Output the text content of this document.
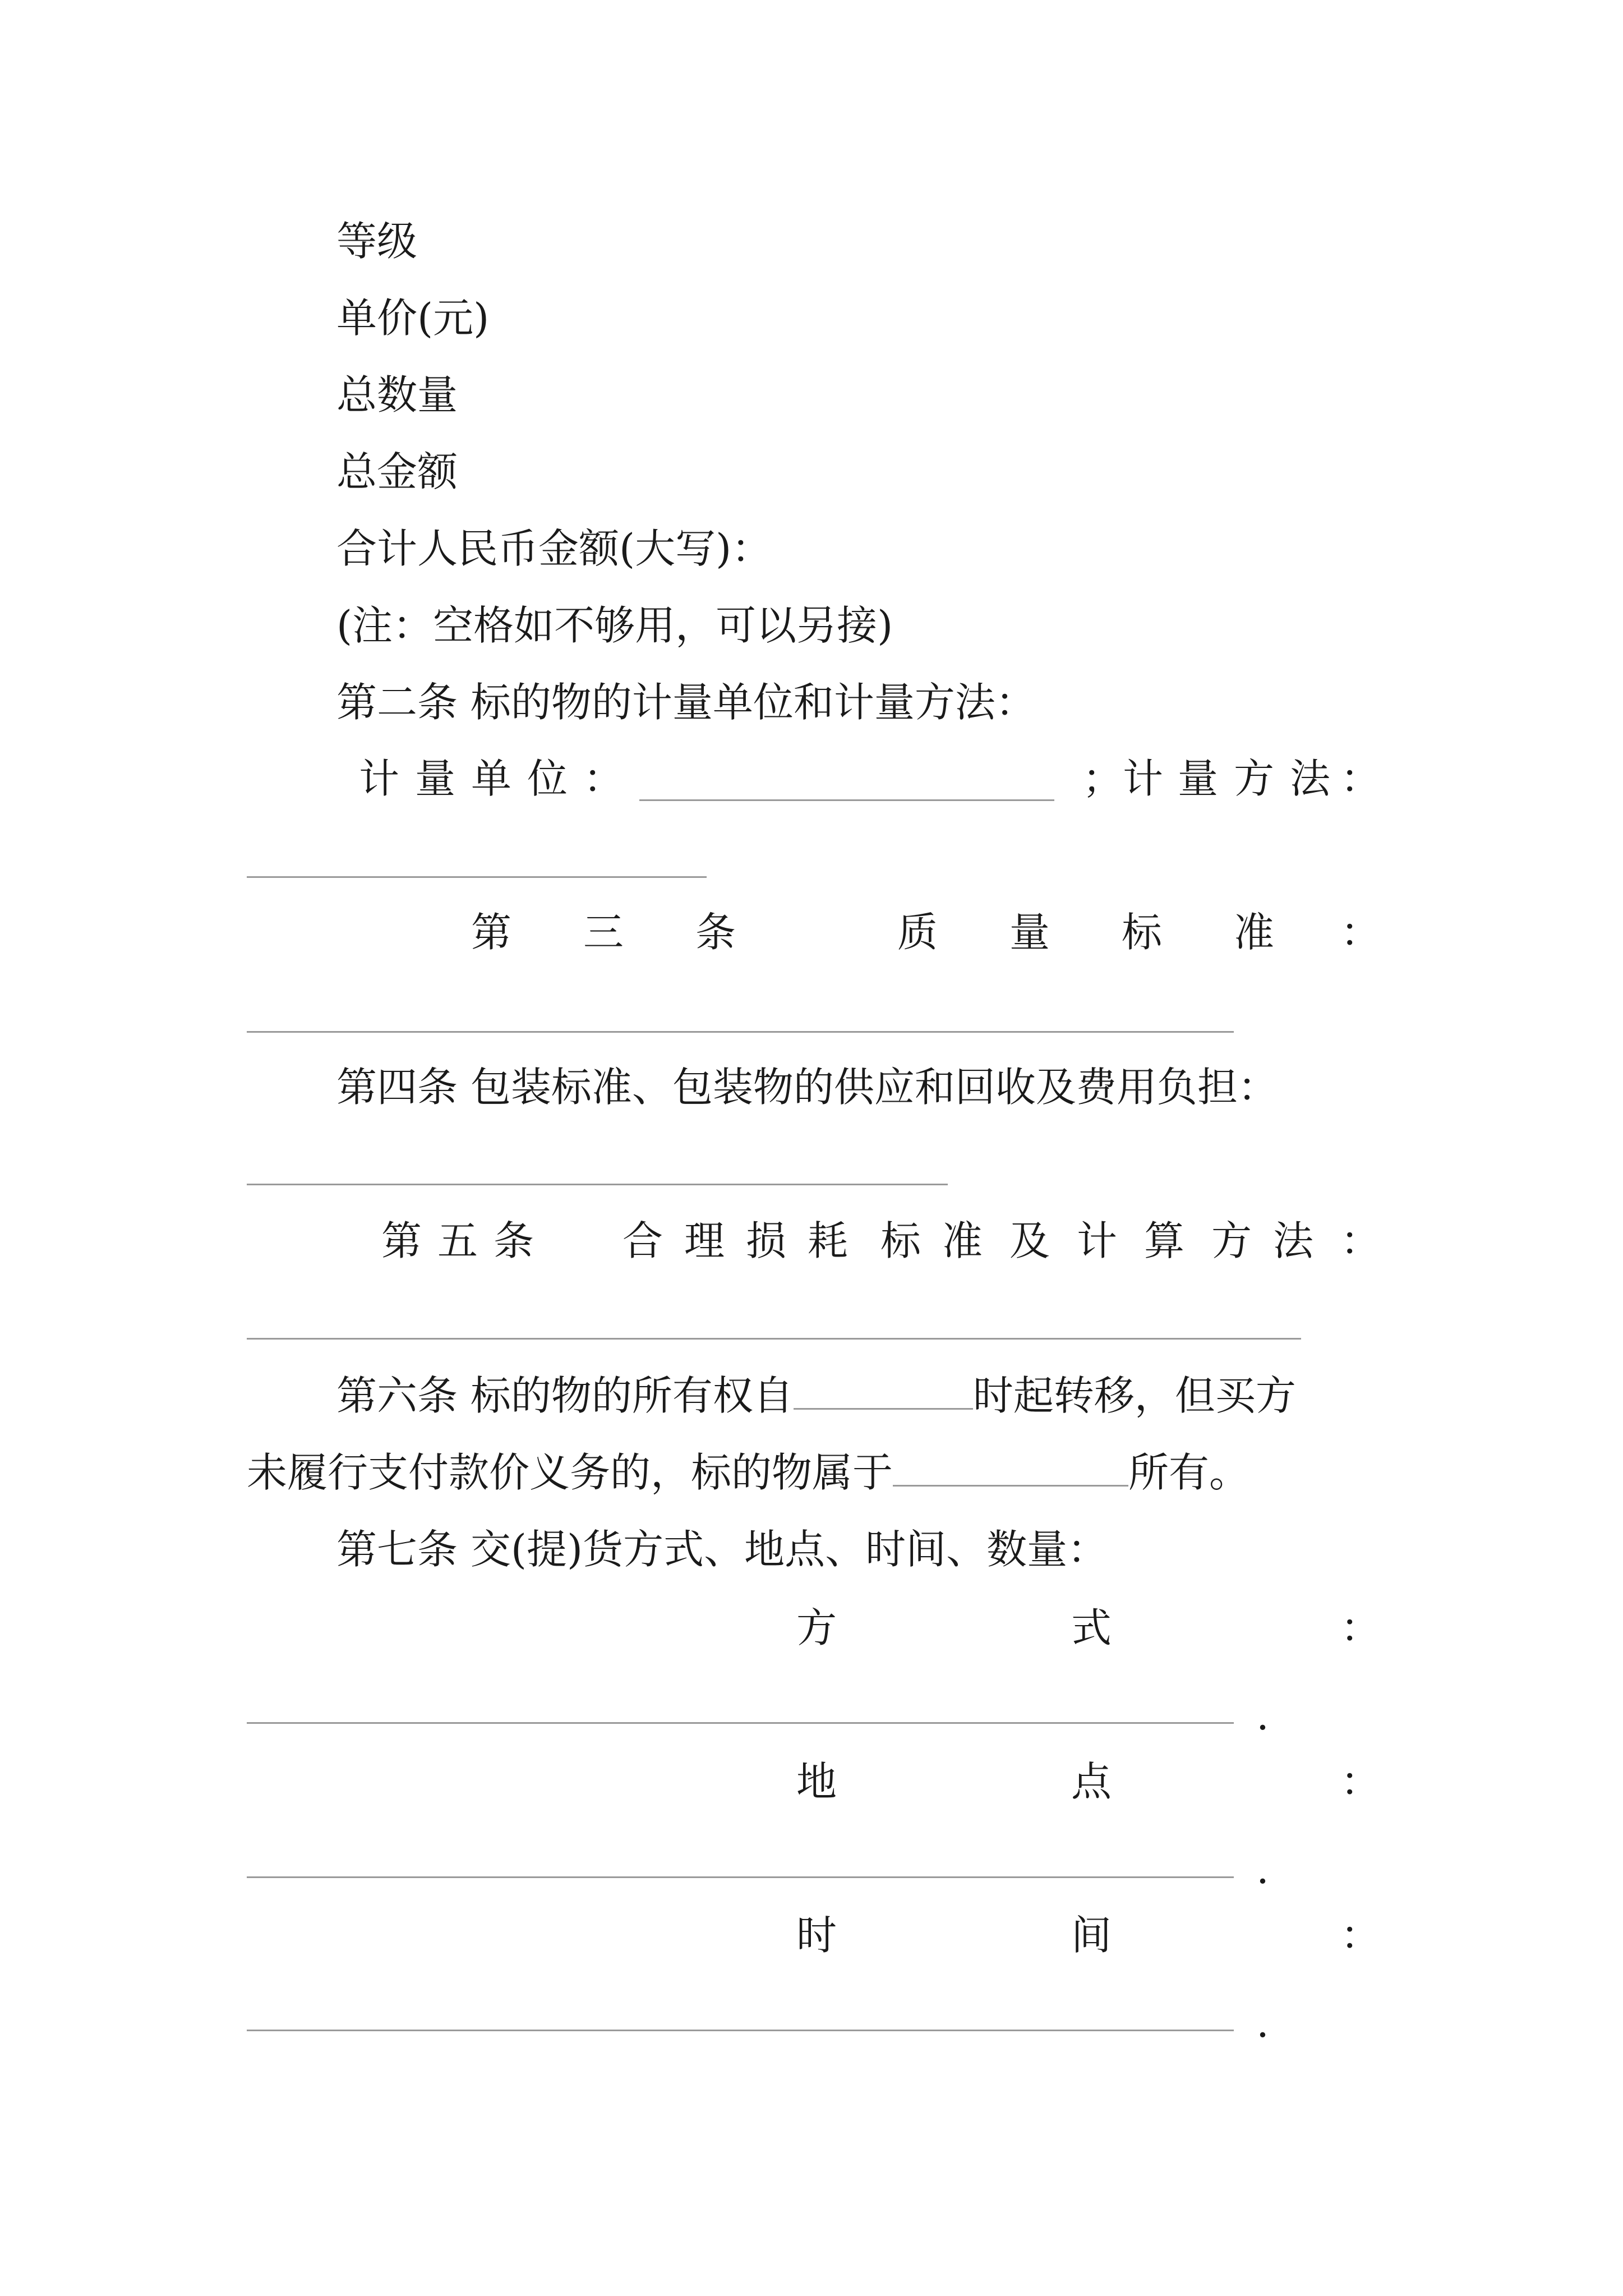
等级
单价(元)
总数量
总金额
合计人民币金额(大写)：
(注：空格如不够用，可以另接)
第二条 标的物的计量单位和计量方法：
计 量 单 位 ：	；计 量 方 法 ：
第 三 条	质 量 标 准 ：
第四条 包装标准、包装物的供应和回收及费用负担：
第 五 条 合 理 损 耗 标 准 及 计 算 方 法 ：
第六条 标的物的所有权自	时起转移，但买方
未履行支付款价义务的，标的物属于	所有。
第七条 交(提)货方式、地点、时间、数量：
方	式	：
.
地	点	：
.
时	间	：
.
